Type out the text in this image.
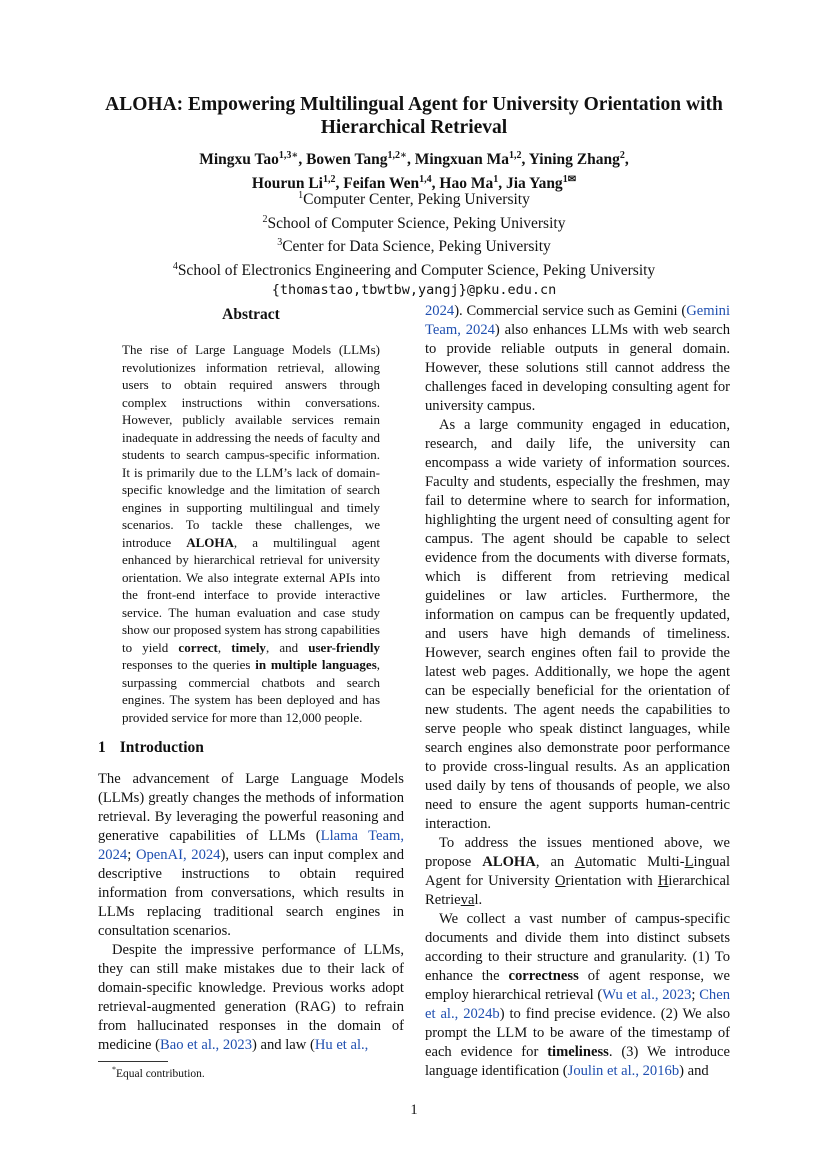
ALOHA: Empowering Multilingual Agent for University Orientation with Hierarchical Retrieval
Mingxu Tao$^{1,3∗}$, Bowen Tang$^{1,2∗}$, Mingxuan Ma$^{1,2}$, Yining Zhang$^2$,
Hourun Li$^{1,2}$, Feifan Wen$^{1,4}$, Hao Ma$^1$, Jia Yang$^{1✉}$
$^1$Computer Center, Peking University
$^2$School of Computer Science, Peking University
$^3$Center for Data Science, Peking University
$^4$School of Electronics Engineering and Computer Science, Peking University
{thomastao,tbwtbw,yangj}@pku.edu.cn
Abstract
The rise of Large Language Models (LLMs) revolutionizes information retrieval, allowing users to obtain required answers through complex instructions within conversations. However, publicly available services remain inadequate in addressing the needs of faculty and students to search campus-specific information. It is primarily due to the LLM’s lack of domain-specific knowledge and the limitation of search engines in supporting multilingual and timely scenarios. To tackle these challenges, we introduce ALOHA, a multilingual agent enhanced by hierarchical retrieval for university orientation. We also integrate external APIs into the front-end interface to provide interactive service. The human evaluation and case study show our proposed system has strong capabilities to yield correct, timely, and user-friendly responses to the queries in multiple languages, surpassing commercial chatbots and search engines. The system has been deployed and has provided service for more than 12,000 people.
1 Introduction

The advancement of Large Language Models (LLMs) greatly changes the methods of information retrieval. By leveraging the powerful reasoning and generative capabilities of LLMs (Llama Team, 2024; OpenAI, 2024), users can input complex and descriptive instructions to obtain required information from conversations, which results in LLMs replacing traditional search engines in consultation scenarios.

Despite the impressive performance of LLMs, they can still make mistakes due to their lack of domain-specific knowledge. Previous works adopt retrieval-augmented generation (RAG) to refrain from hallucinated responses in the domain of medicine (Bao et al., 2023) and law (Hu et al.,

2024). Commercial service such as Gemini (Gemini Team, 2024) also enhances LLMs with web search to provide reliable outputs in general domain. However, these solutions still cannot address the challenges faced in developing consulting agent for university campus.

As a large community engaged in education, research, and daily life, the university can encompass a wide variety of information sources. Faculty and students, especially the freshmen, may fail to determine where to search for information, highlighting the urgent need of consulting agent for campus. The agent should be capable to select evidence from the documents with diverse formats, which is different from retrieving medical guidelines or law articles. Furthermore, the information on campus can be frequently updated, and users have high demands of timeliness. However, search engines often fail to provide the latest web pages. Additionally, we hope the agent can be especially beneficial for the orientation of new students. The agent needs the capabilities to serve people who speak distinct languages, while search engines also demonstrate poor performance to provide cross-lingual results. As an application used daily by tens of thousands of people, we also need to ensure the agent supports human-centric interaction.

To address the issues mentioned above, we propose ALOHA, an Automatic Multi-Lingual Agent for University Orientation with Hierarchical Retrieval.

We collect a vast number of campus-specific documents and divide them into distinct subsets according to their structure and granularity. (1) To enhance the correctness of agent response, we employ hierarchical retrieval (Wu et al., 2023; Chen et al., 2024b) to find precise evidence. (2) We also prompt the LLM to be aware of the timestamp of each evidence for timeliness. (3) We introduce language identification (Joulin et al., 2016b) and

*Equal contribution.
1
